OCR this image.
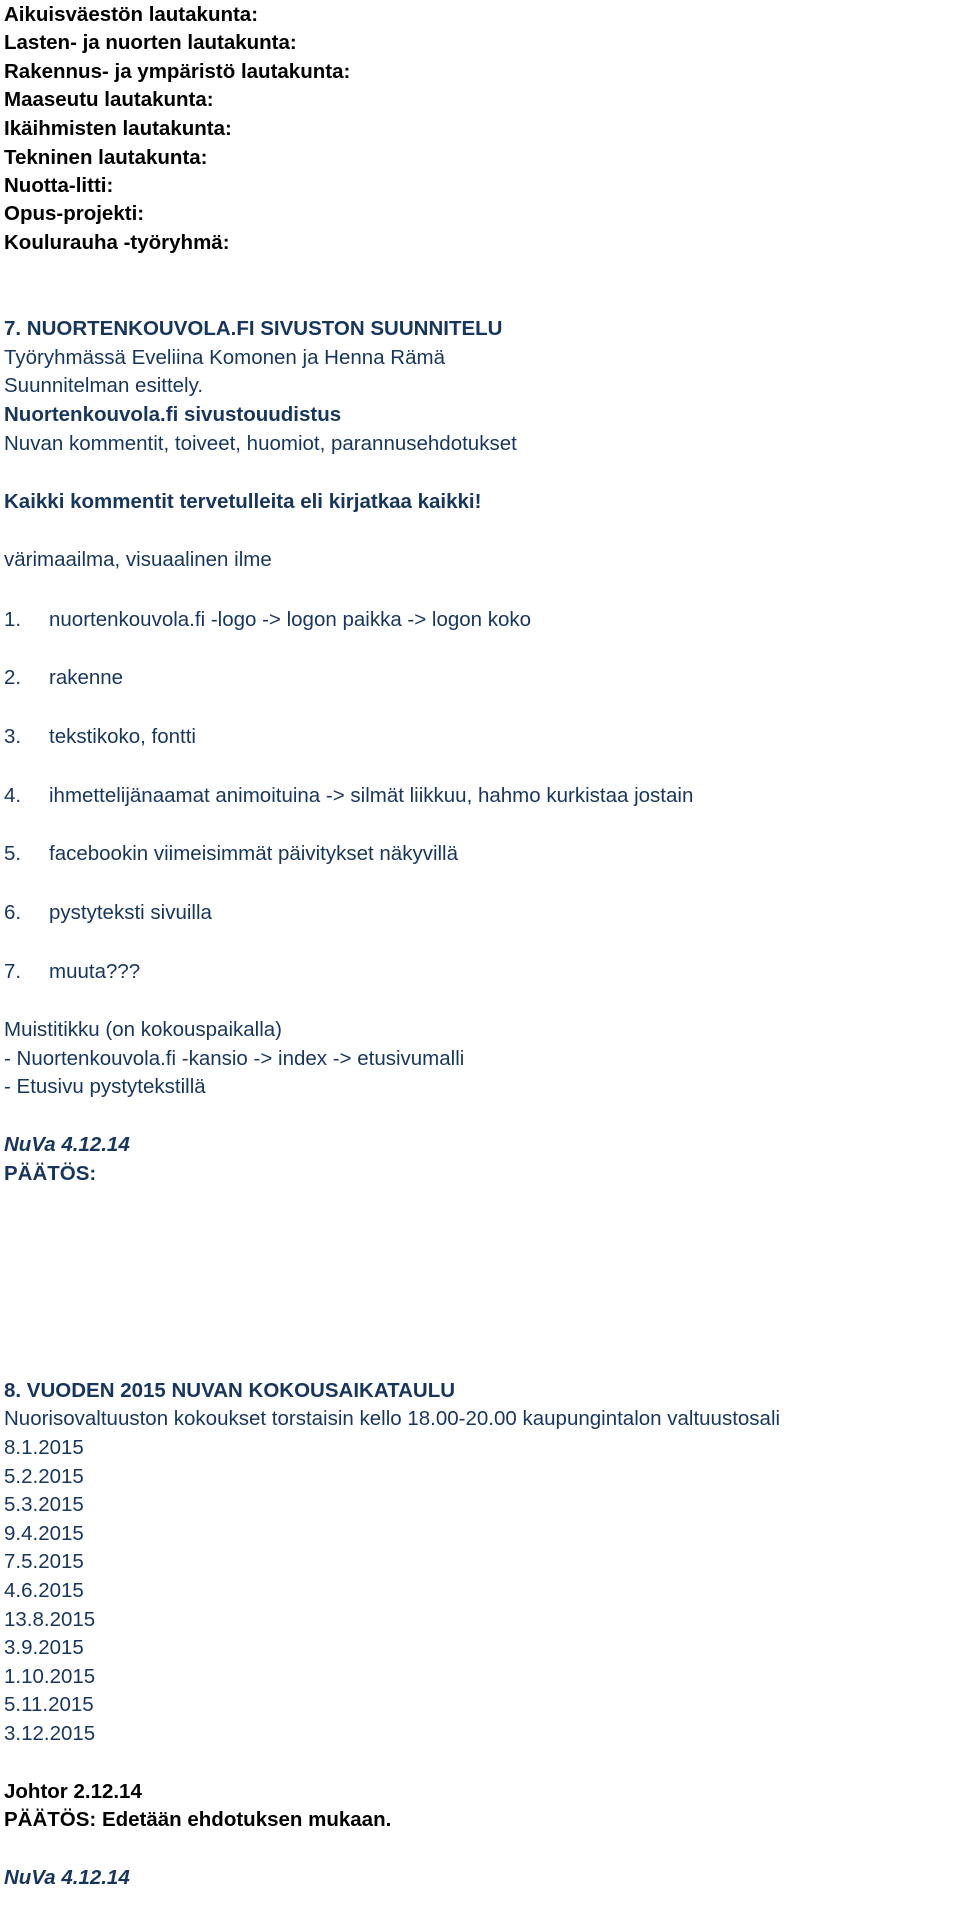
Aikuisväestön lautakunta:
Lasten- ja nuorten lautakunta:
Rakennus- ja ympäristö lautakunta:
Maaseutu lautakunta:
Ikäihmisten lautakunta:
Tekninen lautakunta:
Nuotta-litti:
Opus-projekti:
Koulurauha -työryhmä:
7. NUORTENKOUVOLA.FI SIVUSTON SUUNNITELU
Työryhmässä Eveliina Komonen ja Henna Rämä
Suunnitelman esittely.
Nuortenkouvola.fi sivustouudistus
Nuvan kommentit, toiveet, huomiot, parannusehdotukset
Kaikki kommentit tervetulleita eli kirjatkaa kaikki!
värimaailma, visuaalinen ilme
1. nuortenkouvola.fi -logo -> logon paikka -> logon koko
2. rakenne
3. tekstikoko, fontti
4. ihmettelijänaamat animoituina -> silmät liikkuu, hahmo kurkistaa jostain
5. facebookin viimeisimmät päivitykset näkyvillä
6. pystyteksti sivuilla
7. muuta???
Muistitikku (on kokouspaikalla)
- Nuortenkouvola.fi -kansio -> index -> etusivumalli
- Etusivu pystytekstillä
NuVa 4.12.14
PÄÄTÖS:
8. VUODEN 2015 NUVAN KOKOUSAIKATAULU
Nuorisovaltuuston kokoukset torstaisin kello 18.00-20.00 kaupungintalon valtuustosali
8.1.2015
5.2.2015
5.3.2015
9.4.2015
7.5.2015
4.6.2015
13.8.2015
3.9.2015
1.10.2015
5.11.2015
3.12.2015
Johtor 2.12.14
PÄÄTÖS: Edetään ehdotuksen mukaan.
NuVa 4.12.14
